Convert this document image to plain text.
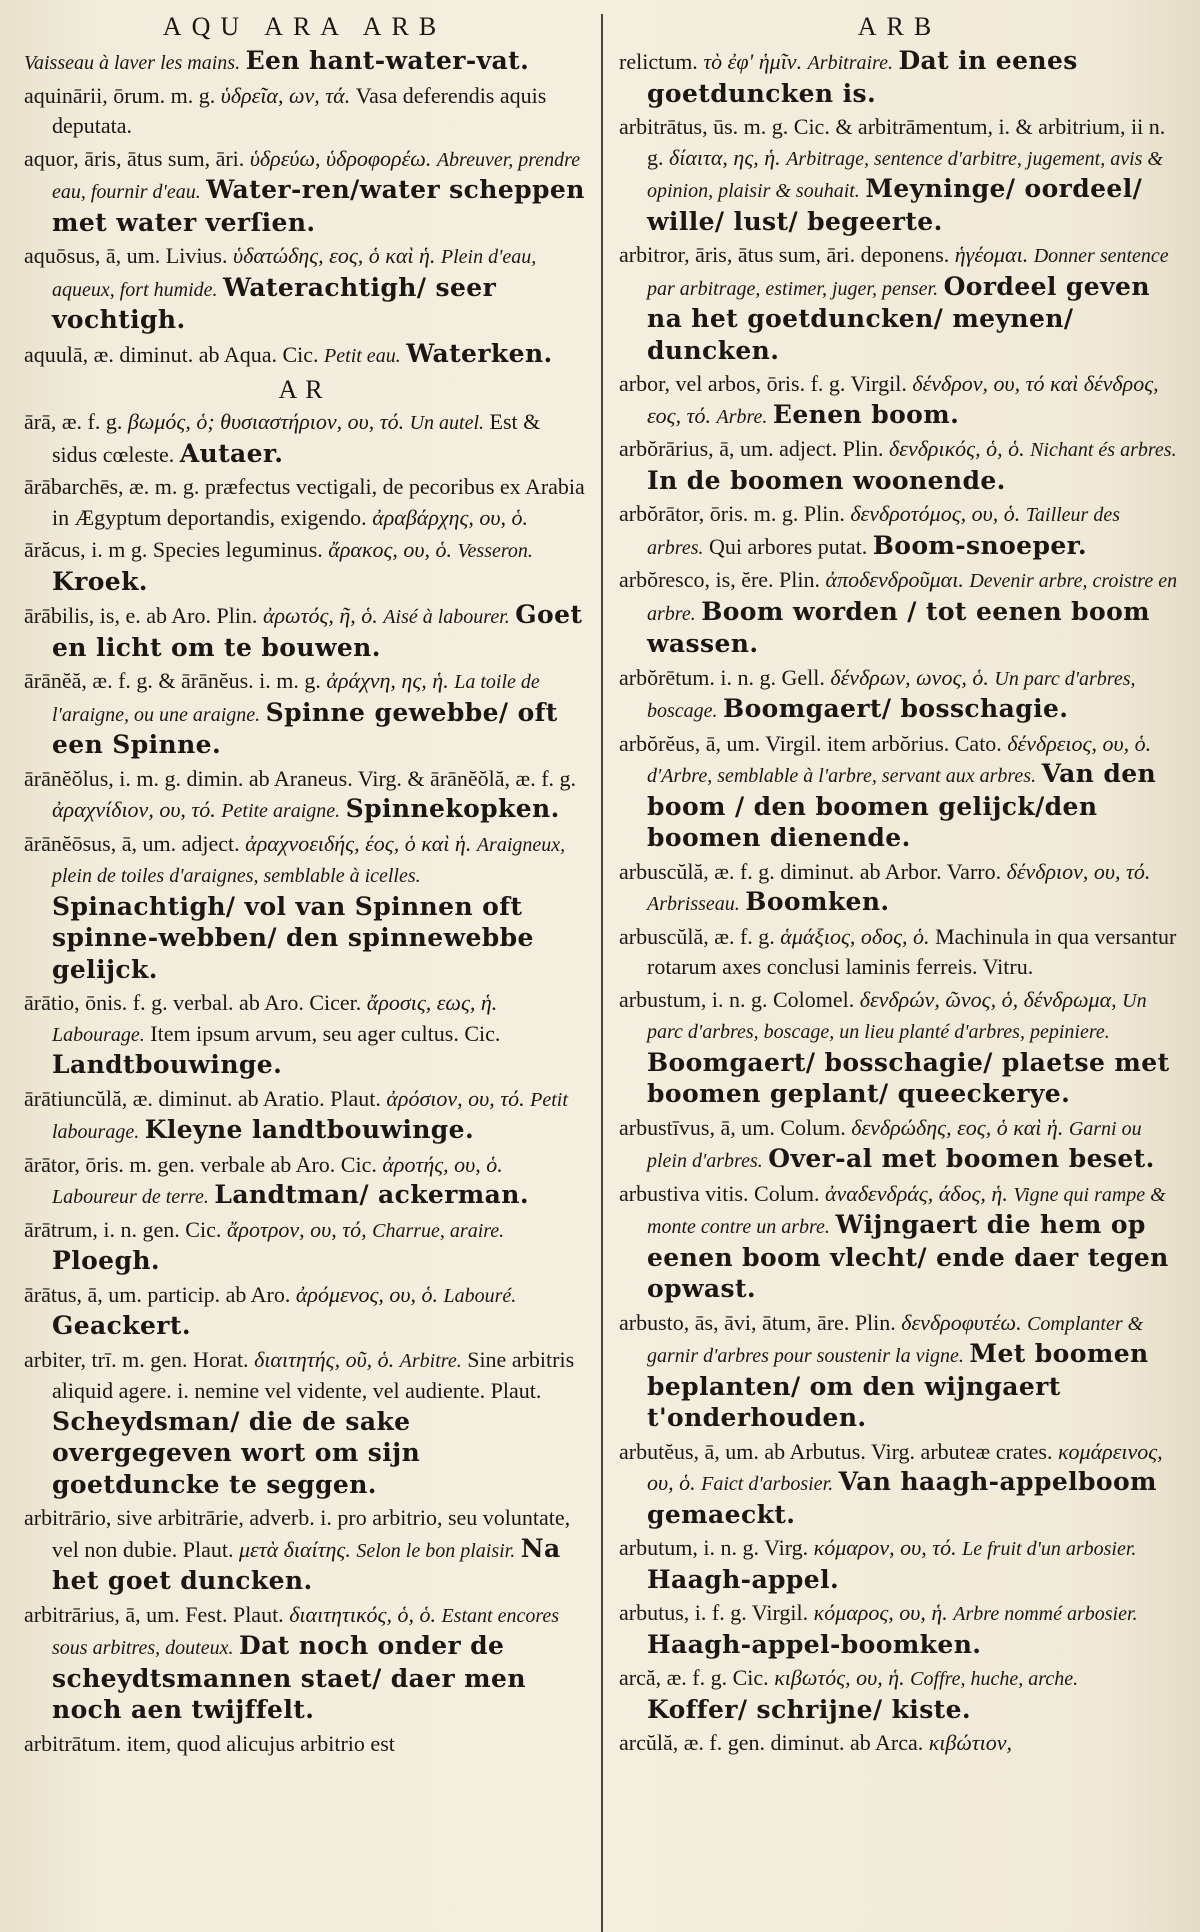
AQU ARA ARB
Vaisseau à laver les mains. Een hant-water-vat.
aquinārii, ōrum. m. g. ὑδρεῖα, ων, τά. Vasa deferendis aquis deputata.
aquor, āris, ātus sum, āri. ὑδρεύω, ὑδροφορέω. Abreuver, prendre eau, fournir d'eau. Water-ren/water scheppen met water verſien.
aquōsus, ā, um. Livius. ὑδατώδης, εος, ὁ καὶ ἡ. Plein d'eau, aqueux, fort humide. Waterachtigh/ seer vochtigh.
aquulā, æ. diminut. ab Aqua. Cic. Petit eau. Waterken.
AR
ārā, æ. f. g. βωμός, ὁ; θυσιαστήριον, ου, τό. Un autel. Est & sidus cœleste. Autaer.
ārābarchēs, æ. m. g. præfectus vectigali, de pecoribus ex Arabia in Ægyptum deportandis, exigendo. ἀραβάρχης, ου, ὁ.
ārăcus, i. m g. Species leguminus. ἄρακος, ου, ὁ. Vesseron. Kroek.
ārābilis, is, e. ab Aro. Plin. ἀρωτός, ῆ, ὁ. Aisé à labourer. Goet en licht om te bouwen.
ārānĕă, æ. f. g. & ārānĕus. i. m. g. ἀράχνη, ης, ἡ. La toile de l'araigne, ou une araigne. Spinne gewebbe/ oft een Spinne.
ārānĕŏlus, i. m. g. dimin. ab Araneus. Virg. & ārānĕŏlă, æ. f. g. ἀραχνίδιον, ου, τό. Petite araigne. Spinnekopken.
ārānĕōsus, ā, um. adject. ἀραχνοειδής, έος, ὁ καὶ ἡ. Araigneux, plein de toiles d'araignes, semblable à icelles. Spinachtigh/ vol van Spinnen oft spinne-webben/ den spinnewebbe gelijck.
ārātio, ōnis. f. g. verbal. ab Aro. Cicer. ἄροσις, εως, ἡ. Labourage. Item ipsum arvum, seu ager cultus. Cic. Landtbouwinge.
ārātiuncŭlă, æ. diminut. ab Aratio. Plaut. ἀρόσιον, ου, τό. Petit labourage. Kleyne landtbouwinge.
ārātor, ōris. m. gen. verbale ab Aro. Cic. ἀροτής, ου, ὁ. Laboureur de terre. Landtman/ ackerman.
ārātrum, i. n. gen. Cic. ἄροτρον, ου, τό, Charrue, araire. Ploegh.
ārātus, ā, um. particip. ab Aro. ἀρόμενος, ου, ὁ. Labouré. Geackert.
arbiter, trī. m. gen. Horat. διαιτητής, οῦ, ὁ. Arbitre. Sine arbitris aliquid agere. i. nemine vel vidente, vel audiente. Plaut. Scheydsman/ die de sake overgegeven wort om sijn goetduncke te seggen.
arbitrārio, sive arbitrārie, adverb. i. pro arbitrio, seu voluntate, vel non dubie. Plaut. μετὰ διαίτης. Selon le bon plaisir. Na het goet duncken.
arbitrārius, ā, um. Fest. Plaut. διαιτητικός, ὁ, ὁ. Estant encores sous arbitres, douteux. Dat noch onder de scheydtsmannen staet/ daer men noch aen twijffelt.
arbitrātum. item, quod alicujus arbitrio est
ARB
relictum. τὸ ἐφ' ἡμῖν. Arbitraire. Dat in eenes goetduncken is.
arbitrātus, ūs. m. g. Cic. & arbitrāmentum, i. & arbitrium, ii n. g. δίαιτα, ης, ἡ. Arbitrage, sentence d'arbitre, jugement, avis & opinion, plaisir & souhait. Meyninge/ oordeel/ wille/ lust/ begeerte.
arbitror, āris, ātus sum, āri. deponens. ἡγέομαι. Donner sentence par arbitrage, estimer, juger, penser. Oordeel geven na het goetduncken/ meynen/ duncken.
arbor, vel arbos, ōris. f. g. Virgil. δένδρον, ου, τό καὶ δένδρος, εος, τό. Arbre. Eenen boom.
arbŏrārius, ā, um. adject. Plin. δενδρικός, ὁ, ὁ. Nichant és arbres. In de boomen woonende.
arbŏrātor, ōris. m. g. Plin. δενδροτόμος, ου, ὁ. Tailleur des arbres. Qui arbores putat. Boom-snoeper.
arbŏresco, is, ĕre. Plin. ἀποδενδροῦμαι. Devenir arbre, croistre en arbre. Boom worden / tot eenen boom wassen.
arbŏrētum. i. n. g. Gell. δένδρων, ωνος, ὁ. Un parc d'arbres, boscage. Boomgaert/ bosschagie.
arbŏrĕus, ā, um. Virgil. item arbŏrius. Cato. δένδρειος, ου, ὁ. d'Arbre, semblable à l'arbre, servant aux arbres. Van den boom / den boomen gelijck/den boomen dienende.
arbuscŭlă, æ. f. g. diminut. ab Arbor. Varro. δένδριον, ου, τό. Arbrisseau. Boomken.
arbuscŭlă, æ. f. g. ἁμάξιος, οδος, ὁ. Machinula in qua versantur rotarum axes conclusi laminis ferreis. Vitru.
arbustum, i. n. g. Colomel. δενδρών, ῶνος, ὁ, δένδρωμα, Un parc d'arbres, boscage, un lieu planté d'arbres, pepiniere. Boomgaert/ bosschagie/ plaetse met boomen geplant/ queeckerye.
arbustīvus, ā, um. Colum. δενδρώδης, εος, ὁ καὶ ἡ. Garni ou plein d'arbres. Over-al met boomen beset.
arbustiva vitis. Colum. ἀναδενδράς, άδος, ἡ. Vigne qui rampe & monte contre un arbre. Wijngaert die hem op eenen boom vlecht/ ende daer tegen opwast.
arbusto, ās, āvi, ātum, āre. Plin. δενδροφυτέω. Complanter & garnir d'arbres pour soustenir la vigne. Met boomen beplanten/ om den wijngaert t'onderhouden.
arbutĕus, ā, um. ab Arbutus. Virg. arbuteæ crates. κομάρεινος, ου, ὁ. Faict d'arbosier. Van haagh-appelboom gemaeckt.
arbutum, i. n. g. Virg. κόμαρον, ου, τό. Le fruit d'un arbosier. Haagh-appel.
arbutus, i. f. g. Virgil. κόμαρος, ου, ἡ. Arbre nommé arbosier. Haagh-appel-boomken.
arcă, æ. f. g. Cic. κιβωτός, ου, ἡ. Coffre, huche, arche. Koffer/ schrijne/ kiste.
arcŭlă, æ. f. gen. diminut. ab Arca. κιβώτιον,
